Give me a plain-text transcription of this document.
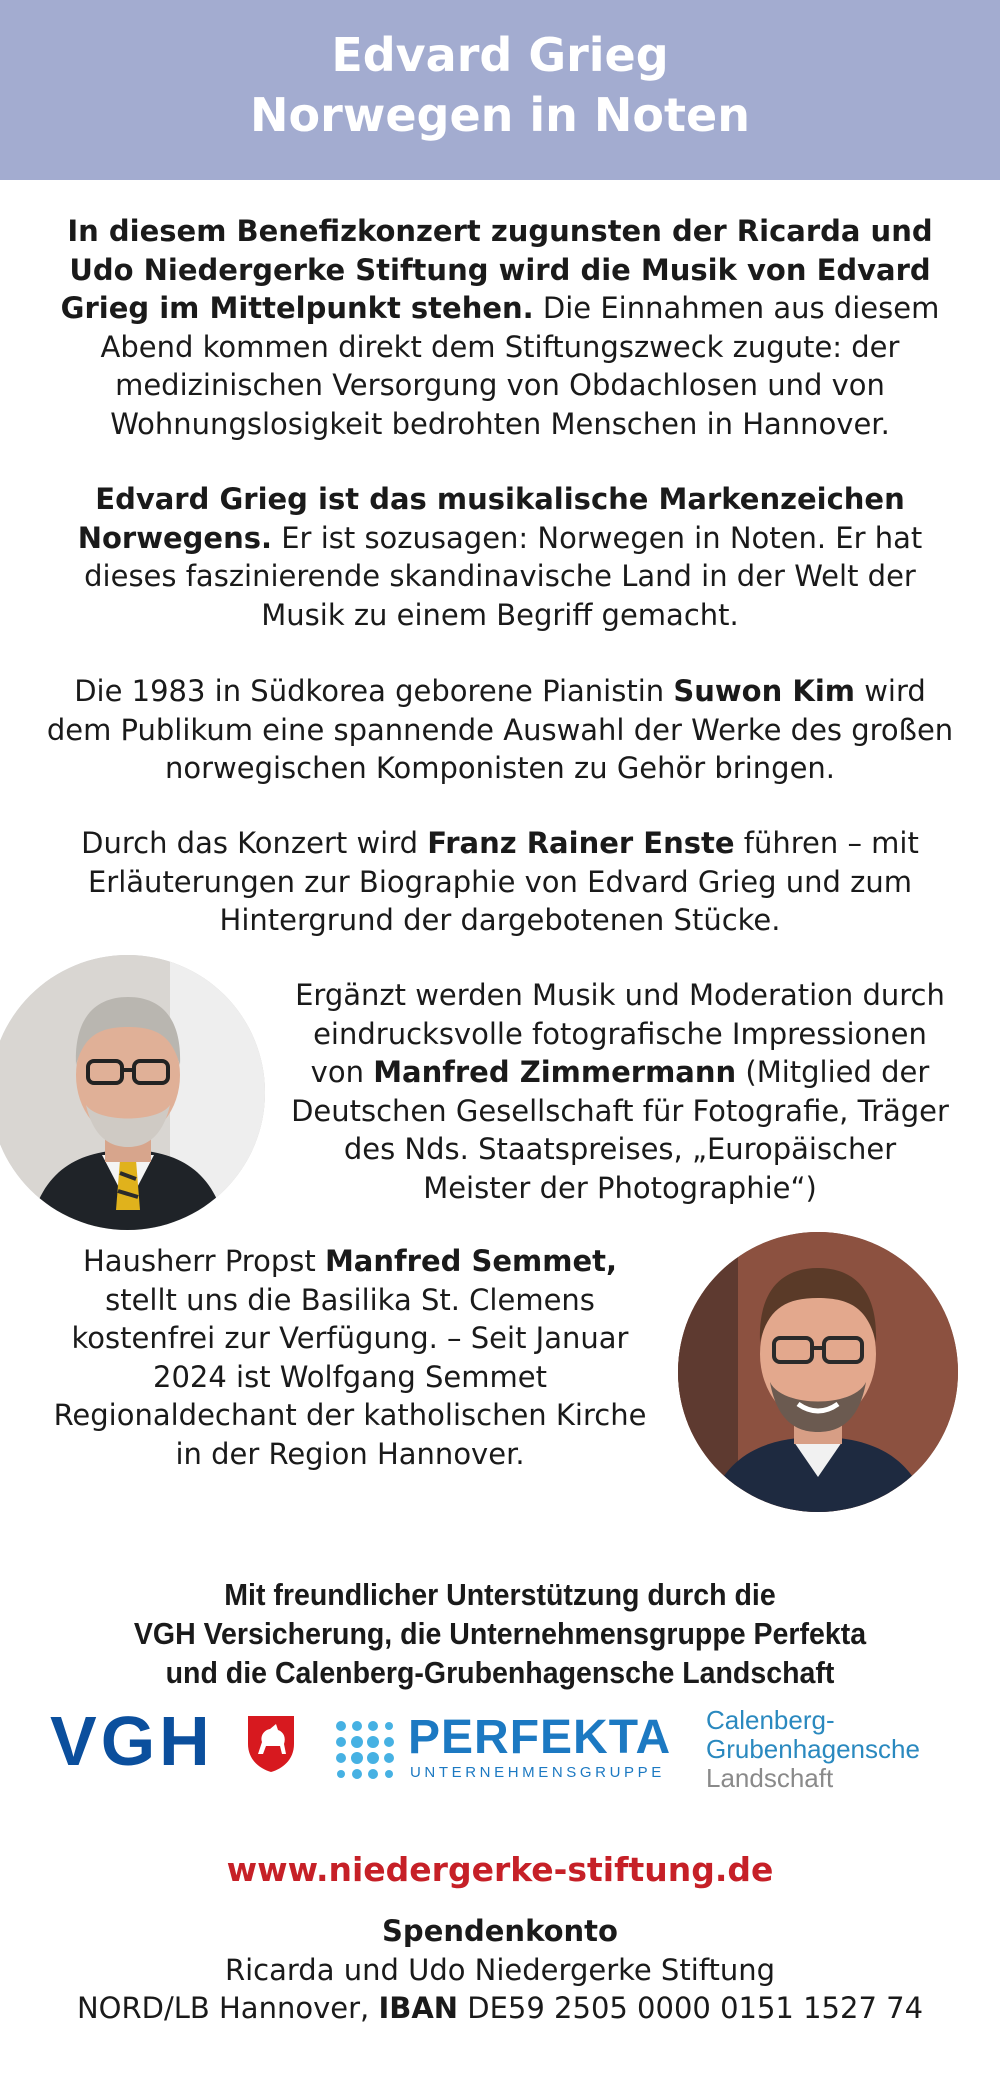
Edvard Grieg
Norwegen in Noten
In diesem Benefizkonzert zugunsten der Ricarda und Udo Niedergerke Stiftung wird die Musik von Edvard Grieg im Mittelpunkt stehen. Die Einnahmen aus diesem Abend kommen direkt dem Stiftungszweck zugute: der medizinischen Versorgung von Obdachlosen und von Wohnungslosigkeit bedrohten Menschen in Hannover.
Edvard Grieg ist das musikalische Markenzeichen Norwegens. Er ist sozusagen: Norwegen in Noten. Er hat dieses faszinierende skandinavische Land in der Welt der Musik zu einem Begriff gemacht.
Die 1983 in Südkorea geborene Pianistin Suwon Kim wird dem Publikum eine spannende Auswahl der Werke des großen norwegischen Komponisten zu Gehör bringen.
Durch das Konzert wird Franz Rainer Enste führen – mit Erläuterungen zur Biographie von Edvard Grieg und zum Hintergrund der dargebotenen Stücke.
Ergänzt werden Musik und Moderation durch eindrucksvolle fotografische Impressionen von Manfred Zimmermann (Mitglied der Deutschen Gesellschaft für Fotografie, Träger des Nds. Staatspreises, „Europäischer Meister der Photographie“)
Hausherr Propst Manfred Semmet, stellt uns die Basilika St. Clemens kostenfrei zur Verfügung. – Seit Januar 2024 ist Wolfgang Semmet Regionaldechant der katholischen Kirche in der Region Hannover.
Mit freundlicher Unterstützung durch die
VGH Versicherung, die Unternehmensgruppe Perfekta
und die Calenberg-Grubenhagensche Landschaft
VGH	PERFEKTA
UNTERNEHMENSGRUPPE
Calenberg-
Grubenhagensche
Landschaft
www.niedergerke-stiftung.de
Spendenkonto
Ricarda und Udo Niedergerke Stiftung
NORD/LB Hannover, IBAN DE59 2505 0000 0151 1527 74
